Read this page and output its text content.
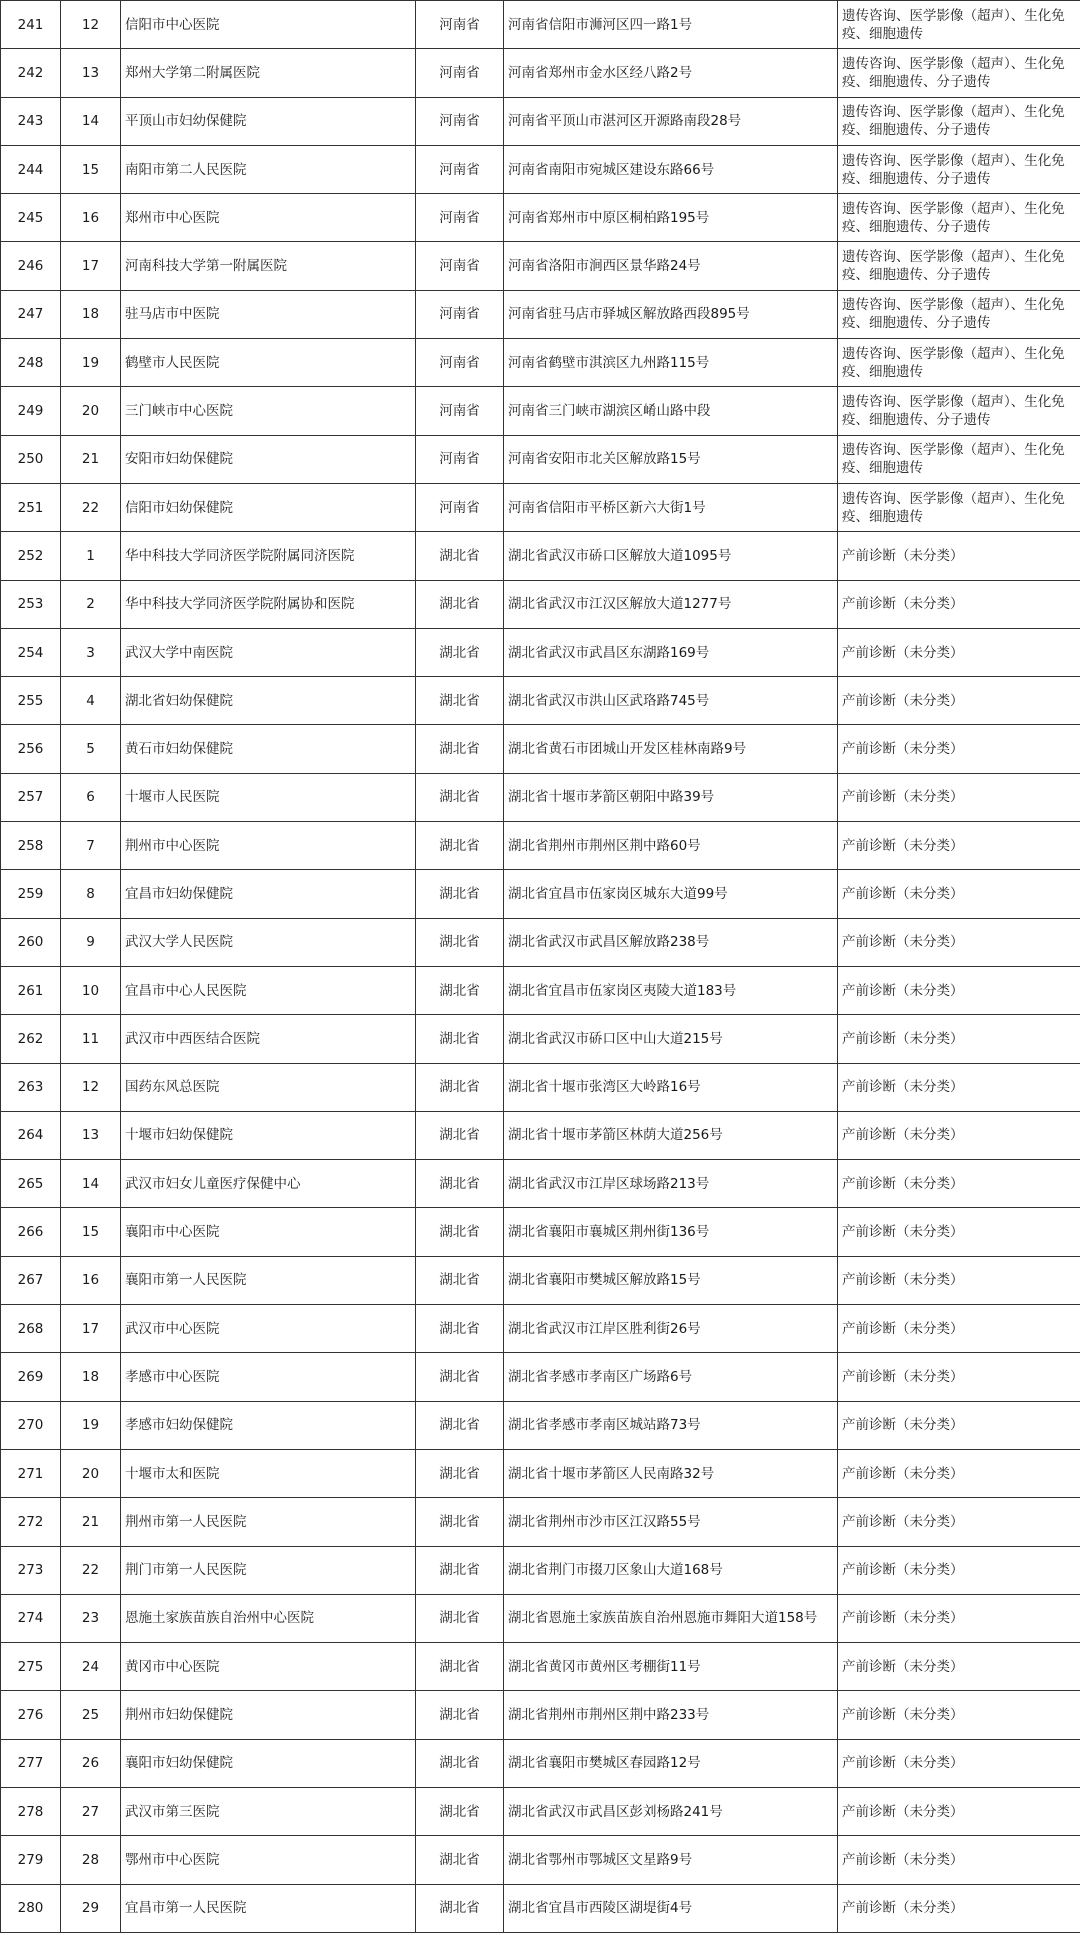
241	12	信阳市中心医院	河南省	河南省信阳市浉河区四一路1号	遗传咨询、医学影像（超声）、生化免疫、细胞遗传
242	13	郑州大学第二附属医院	河南省	河南省郑州市金水区经八路2号	遗传咨询、医学影像（超声）、生化免疫、细胞遗传、分子遗传
243	14	平顶山市妇幼保健院	河南省	河南省平顶山市湛河区开源路南段28号	遗传咨询、医学影像（超声）、生化免疫、细胞遗传、分子遗传
244	15	南阳市第二人民医院	河南省	河南省南阳市宛城区建设东路66号	遗传咨询、医学影像（超声）、生化免疫、细胞遗传、分子遗传
245	16	郑州市中心医院	河南省	河南省郑州市中原区桐柏路195号	遗传咨询、医学影像（超声）、生化免疫、细胞遗传、分子遗传
246	17	河南科技大学第一附属医院	河南省	河南省洛阳市涧西区景华路24号	遗传咨询、医学影像（超声）、生化免疫、细胞遗传、分子遗传
247	18	驻马店市中医院	河南省	河南省驻马店市驿城区解放路西段895号	遗传咨询、医学影像（超声）、生化免疫、细胞遗传、分子遗传
248	19	鹤壁市人民医院	河南省	河南省鹤壁市淇滨区九州路115号	遗传咨询、医学影像（超声）、生化免疫、细胞遗传
249	20	三门峡市中心医院	河南省	河南省三门峡市湖滨区崤山路中段	遗传咨询、医学影像（超声）、生化免疫、细胞遗传、分子遗传
250	21	安阳市妇幼保健院	河南省	河南省安阳市北关区解放路15号	遗传咨询、医学影像（超声）、生化免疫、细胞遗传
251	22	信阳市妇幼保健院	河南省	河南省信阳市平桥区新六大街1号	遗传咨询、医学影像（超声）、生化免疫、细胞遗传
252	1	华中科技大学同济医学院附属同济医院	湖北省	湖北省武汉市硚口区解放大道1095号	产前诊断（未分类）
253	2	华中科技大学同济医学院附属协和医院	湖北省	湖北省武汉市江汉区解放大道1277号	产前诊断（未分类）
254	3	武汉大学中南医院	湖北省	湖北省武汉市武昌区东湖路169号	产前诊断（未分类）
255	4	湖北省妇幼保健院	湖北省	湖北省武汉市洪山区武珞路745号	产前诊断（未分类）
256	5	黄石市妇幼保健院	湖北省	湖北省黄石市团城山开发区桂林南路9号	产前诊断（未分类）
257	6	十堰市人民医院	湖北省	湖北省十堰市茅箭区朝阳中路39号	产前诊断（未分类）
258	7	荆州市中心医院	湖北省	湖北省荆州市荆州区荆中路60号	产前诊断（未分类）
259	8	宜昌市妇幼保健院	湖北省	湖北省宜昌市伍家岗区城东大道99号	产前诊断（未分类）
260	9	武汉大学人民医院	湖北省	湖北省武汉市武昌区解放路238号	产前诊断（未分类）
261	10	宜昌市中心人民医院	湖北省	湖北省宜昌市伍家岗区夷陵大道183号	产前诊断（未分类）
262	11	武汉市中西医结合医院	湖北省	湖北省武汉市硚口区中山大道215号	产前诊断（未分类）
263	12	国药东风总医院	湖北省	湖北省十堰市张湾区大岭路16号	产前诊断（未分类）
264	13	十堰市妇幼保健院	湖北省	湖北省十堰市茅箭区林荫大道256号	产前诊断（未分类）
265	14	武汉市妇女儿童医疗保健中心	湖北省	湖北省武汉市江岸区球场路213号	产前诊断（未分类）
266	15	襄阳市中心医院	湖北省	湖北省襄阳市襄城区荆州街136号	产前诊断（未分类）
267	16	襄阳市第一人民医院	湖北省	湖北省襄阳市樊城区解放路15号	产前诊断（未分类）
268	17	武汉市中心医院	湖北省	湖北省武汉市江岸区胜利街26号	产前诊断（未分类）
269	18	孝感市中心医院	湖北省	湖北省孝感市孝南区广场路6号	产前诊断（未分类）
270	19	孝感市妇幼保健院	湖北省	湖北省孝感市孝南区城站路73号	产前诊断（未分类）
271	20	十堰市太和医院	湖北省	湖北省十堰市茅箭区人民南路32号	产前诊断（未分类）
272	21	荆州市第一人民医院	湖北省	湖北省荆州市沙市区江汉路55号	产前诊断（未分类）
273	22	荆门市第一人民医院	湖北省	湖北省荆门市掇刀区象山大道168号	产前诊断（未分类）
274	23	恩施土家族苗族自治州中心医院	湖北省	湖北省恩施土家族苗族自治州恩施市舞阳大道158号	产前诊断（未分类）
275	24	黄冈市中心医院	湖北省	湖北省黄冈市黄州区考棚街11号	产前诊断（未分类）
276	25	荆州市妇幼保健院	湖北省	湖北省荆州市荆州区荆中路233号	产前诊断（未分类）
277	26	襄阳市妇幼保健院	湖北省	湖北省襄阳市樊城区春园路12号	产前诊断（未分类）
278	27	武汉市第三医院	湖北省	湖北省武汉市武昌区彭刘杨路241号	产前诊断（未分类）
279	28	鄂州市中心医院	湖北省	湖北省鄂州市鄂城区文星路9号	产前诊断（未分类）
280	29	宜昌市第一人民医院	湖北省	湖北省宜昌市西陵区湖堤街4号	产前诊断（未分类）
